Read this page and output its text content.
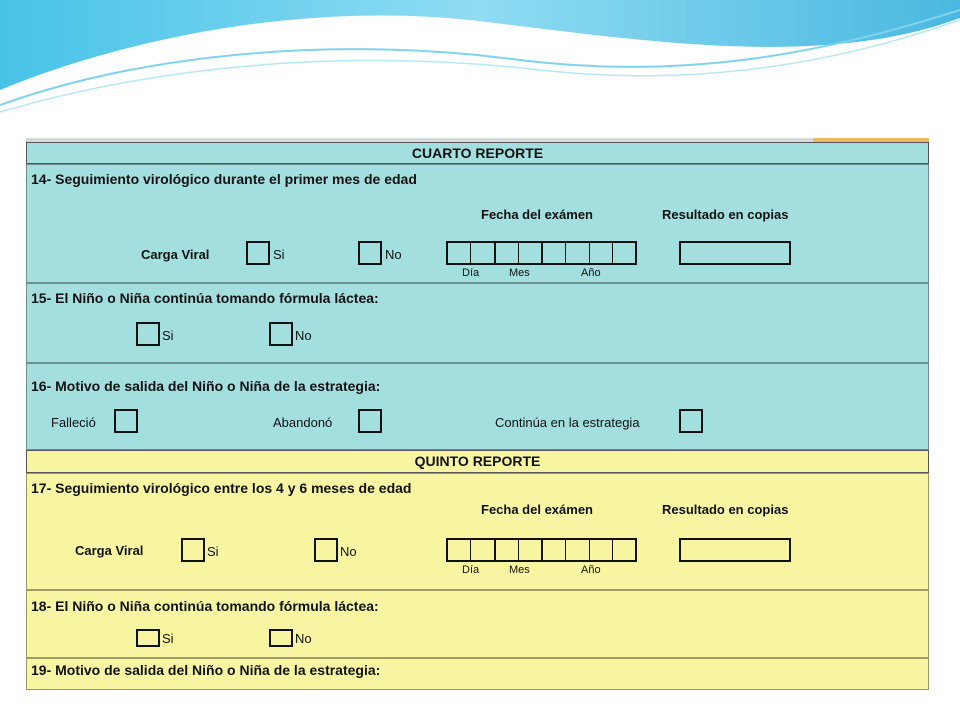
CUARTO REPORTE
14- Seguimiento virológico durante el primer mes de edad
Fecha del exámen	Resultado en copias
Carga Viral	Si	No
Día	Mes	Año
15- El Niño o Niña continúa tomando fórmula láctea:
Si	No
16- Motivo de salida del Niño o Niña de la estrategia:
Falleció	Abandonó	Continúa en la estrategia
QUINTO REPORTE
17- Seguimiento virológico entre los 4 y 6 meses de edad
Fecha del exámen	Resultado en copias
Carga Viral	Si	No
Día	Mes	Año
18- El Niño o Niña continúa tomando fórmula láctea:
Si	No
19- Motivo de salida del Niño o Niña de la estrategia:
